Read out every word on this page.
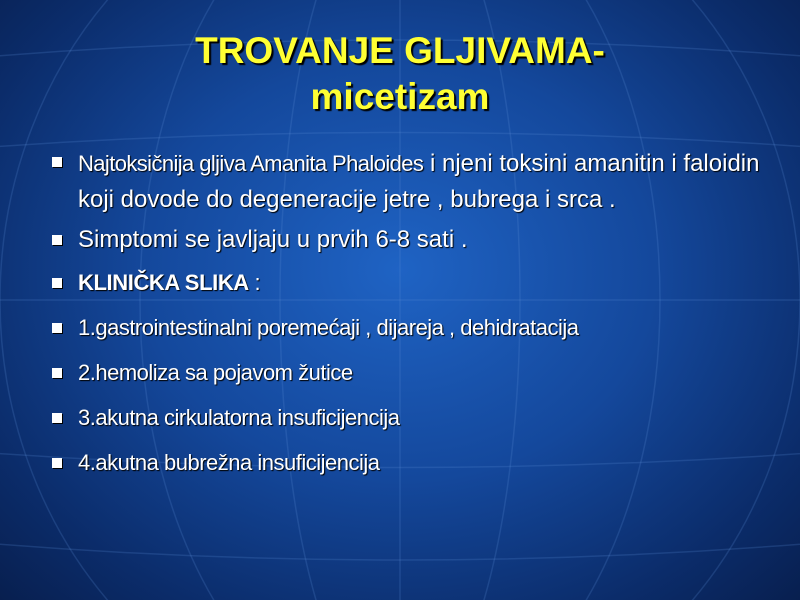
TROVANJE GLJIVAMA-
micetizam
Najtoksičnija gljiva Amanita Phaloides i njeni toksini amanitin i faloidin koji dovode do degeneracije jetre , bubrega i srca .
Simptomi se javljaju u prvih 6-8 sati .
KLINIČKA SLIKA :
1.gastrointestinalni poremećaji , dijareja , dehidratacija
2.hemoliza sa pojavom žutice
3.akutna cirkulatorna insuficijencija
4.akutna bubrežna insuficijencija
